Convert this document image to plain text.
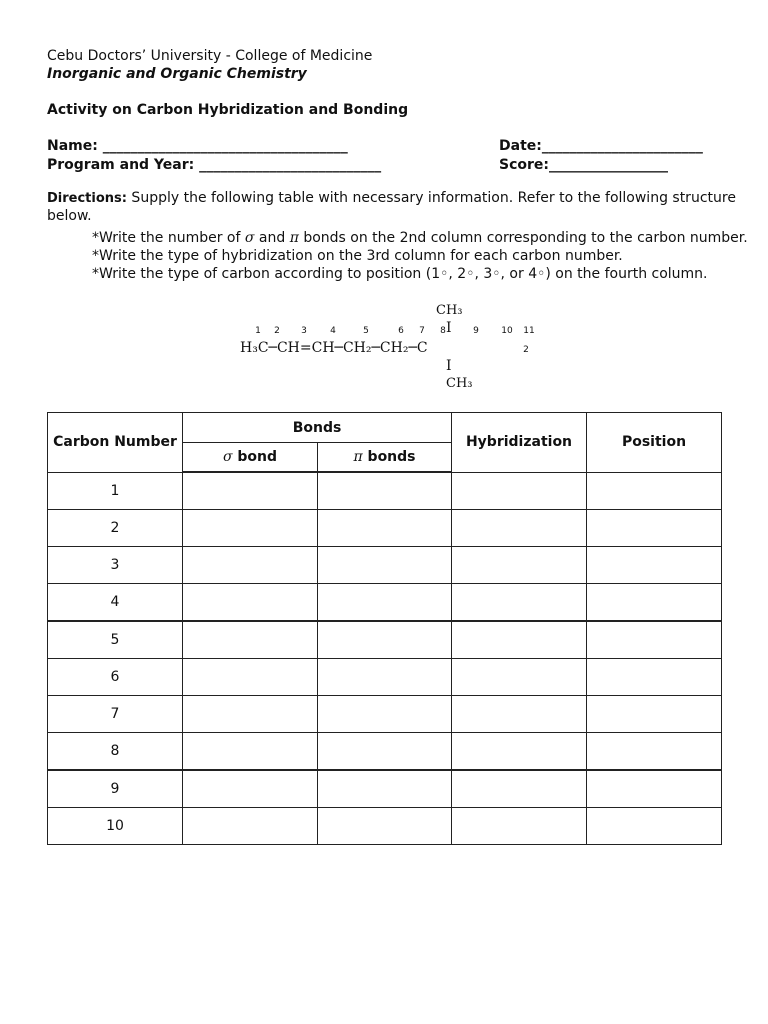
Cebu Doctors’ University - College of Medicine
Inorganic and Organic Chemistry
Activity on Carbon Hybridization and Bonding
Name: ___________________________________	Date:_______________________
Program and Year: __________________________	Score:_________________
Directions: Supply the following table with necessary information. Refer to the following structure
below.
*Write the number of σ and π bonds on the 2nd column corresponding to the carbon number.
*Write the type of hybridization on the 3rd column for each carbon number.
*Write the type of carbon according to position (1◦, 2◦, 3◦, or 4◦) on the fourth column.
CH₃
1	2	3	4	5	6	7	8 I	9	10	11
H₃C─CH=CH─CH₂─CH₂─C	2
I
CH₃
Carbon Number	Bonds		Hybridization	Position
	σ bond	π bonds		
1				
2				
3				
4				
5				
6				
7				
8				
9				
10				
